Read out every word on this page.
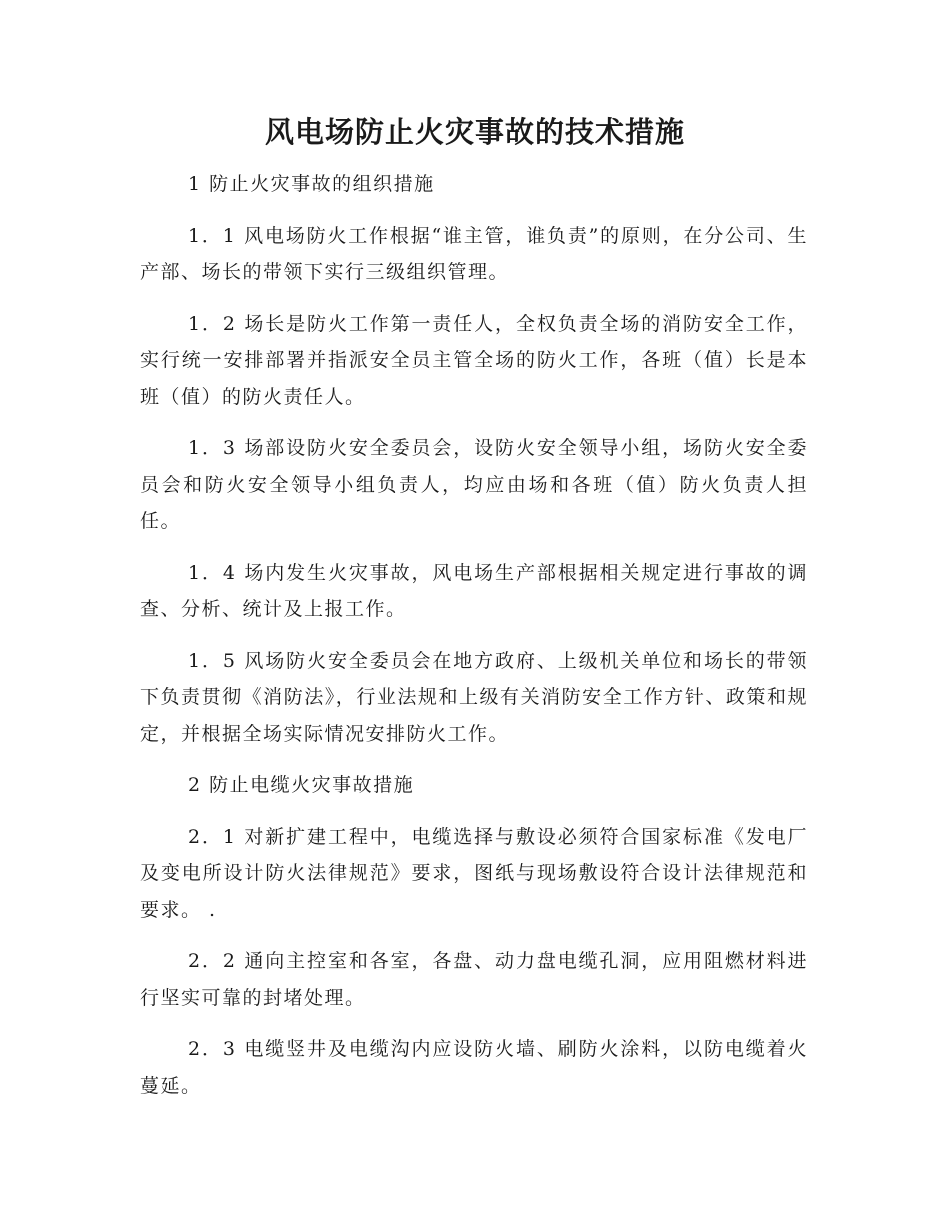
风电场防止火灾事故的技术措施

1 防止火灾事故的组织措施

1．1 风电场防火工作根据“谁主管，谁负责”的原则，在分公司、生产部、场长的带领下实行三级组织管理。

1．2 场长是防火工作第一责任人，全权负责全场的消防安全工作，实行统一安排部署并指派安全员主管全场的防火工作，各班（值）长是本班（值）的防火责任人。

1．3 场部设防火安全委员会，设防火安全领导小组，场防火安全委员会和防火安全领导小组负责人，均应由场和各班（值）防火负责人担任。

1．4 场内发生火灾事故，风电场生产部根据相关规定进行事故的调查、分析、统计及上报工作。

1．5 风场防火安全委员会在地方政府、上级机关单位和场长的带领下负责贯彻《消防法》，行业法规和上级有关消防安全工作方针、政策和规定，并根据全场实际情况安排防火工作。

2 防止电缆火灾事故措施

2．1 对新扩建工程中，电缆选择与敷设必须符合国家标准《发电厂及变电所设计防火法律规范》要求，图纸与现场敷设符合设计法律规范和要求。 .

2．2 通向主控室和各室，各盘、动力盘电缆孔洞，应用阻燃材料进行坚实可靠的封堵处理。

2．3 电缆竖井及电缆沟内应设防火墙、刷防火涂料，以防电缆着火蔓延。
